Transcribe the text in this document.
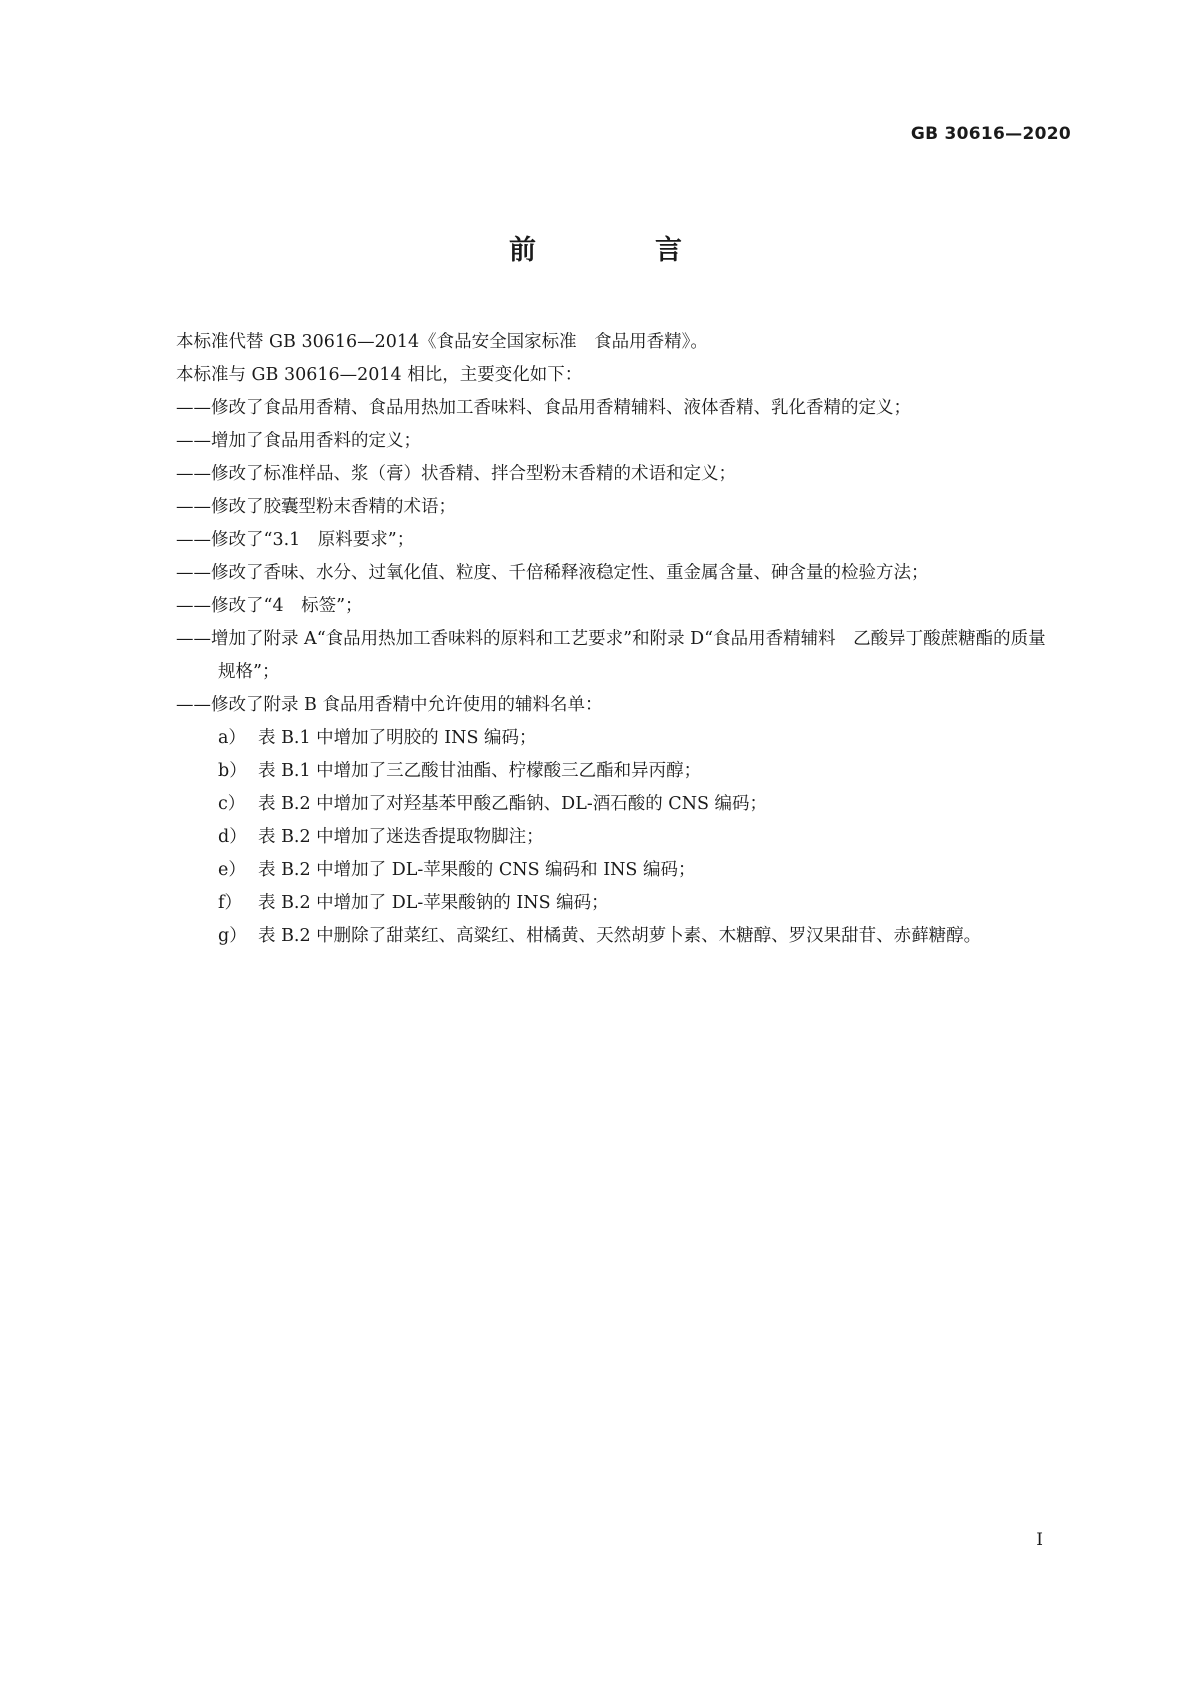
GB 30616—2020
前　言
本标准代替 GB 30616—2014《食品安全国家标准　食品用香精》。
本标准与 GB 30616—2014 相比，主要变化如下：
——修改了食品用香精、食品用热加工香味料、食品用香精辅料、液体香精、乳化香精的定义；
——增加了食品用香料的定义；
——修改了标准样品、浆（膏）状香精、拌合型粉末香精的术语和定义；
——修改了胶囊型粉末香精的术语；
——修改了“3.1　原料要求”；
——修改了香味、水分、过氧化值、粒度、千倍稀释液稳定性、重金属含量、砷含量的检验方法；
——修改了“4　标签”；
——增加了附录 A“食品用热加工香味料的原料和工艺要求”和附录 D“食品用香精辅料　乙酸异丁酸蔗糖酯的质量规格”；
——修改了附录 B 食品用香精中允许使用的辅料名单：
a） 表 B.1 中增加了明胶的 INS 编码；
b） 表 B.1 中增加了三乙酸甘油酯、柠檬酸三乙酯和异丙醇；
c） 表 B.2 中增加了对羟基苯甲酸乙酯钠、DL-酒石酸的 CNS 编码；
d） 表 B.2 中增加了迷迭香提取物脚注；
e） 表 B.2 中增加了 DL-苹果酸的 CNS 编码和 INS 编码；
f） 表 B.2 中增加了 DL-苹果酸钠的 INS 编码；
g） 表 B.2 中删除了甜菜红、高粱红、柑橘黄、天然胡萝卜素、木糖醇、罗汉果甜苷、赤藓糖醇。
I
